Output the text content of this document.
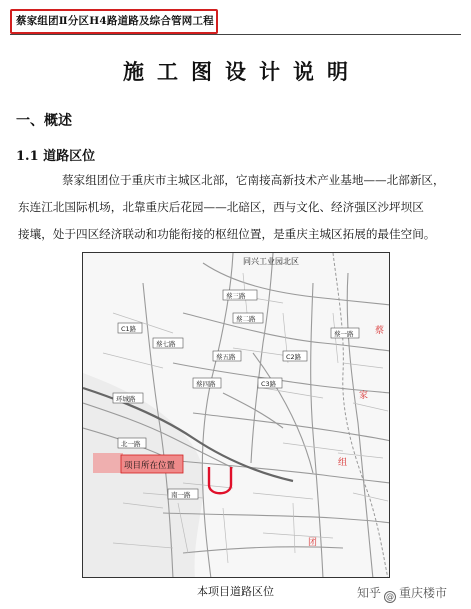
蔡家组团Ⅱ分区H4路道路及综合管网工程
施工图设计说明
一、概述
1.1 道路区位
蔡家组团位于重庆市主城区北部，它南接高新技术产业基地——北部新区，
东连江北国际机场，北靠重庆后花园——北碚区，西与文化、经济强区沙坪坝区
接壤，处于四区经济联动和功能衔接的枢纽位置，是重庆主城区拓展的最佳空间。
蔡三路
蔡二路
C1路
蔡七路
蔡五路	C2路
蔡四路	C3路
蔡一路
北一路
南一路
环城路
同兴工业园北区
蔡
家
组
团
项目所在位置
本项目道路区位	知乎 @ 重庆楼市
